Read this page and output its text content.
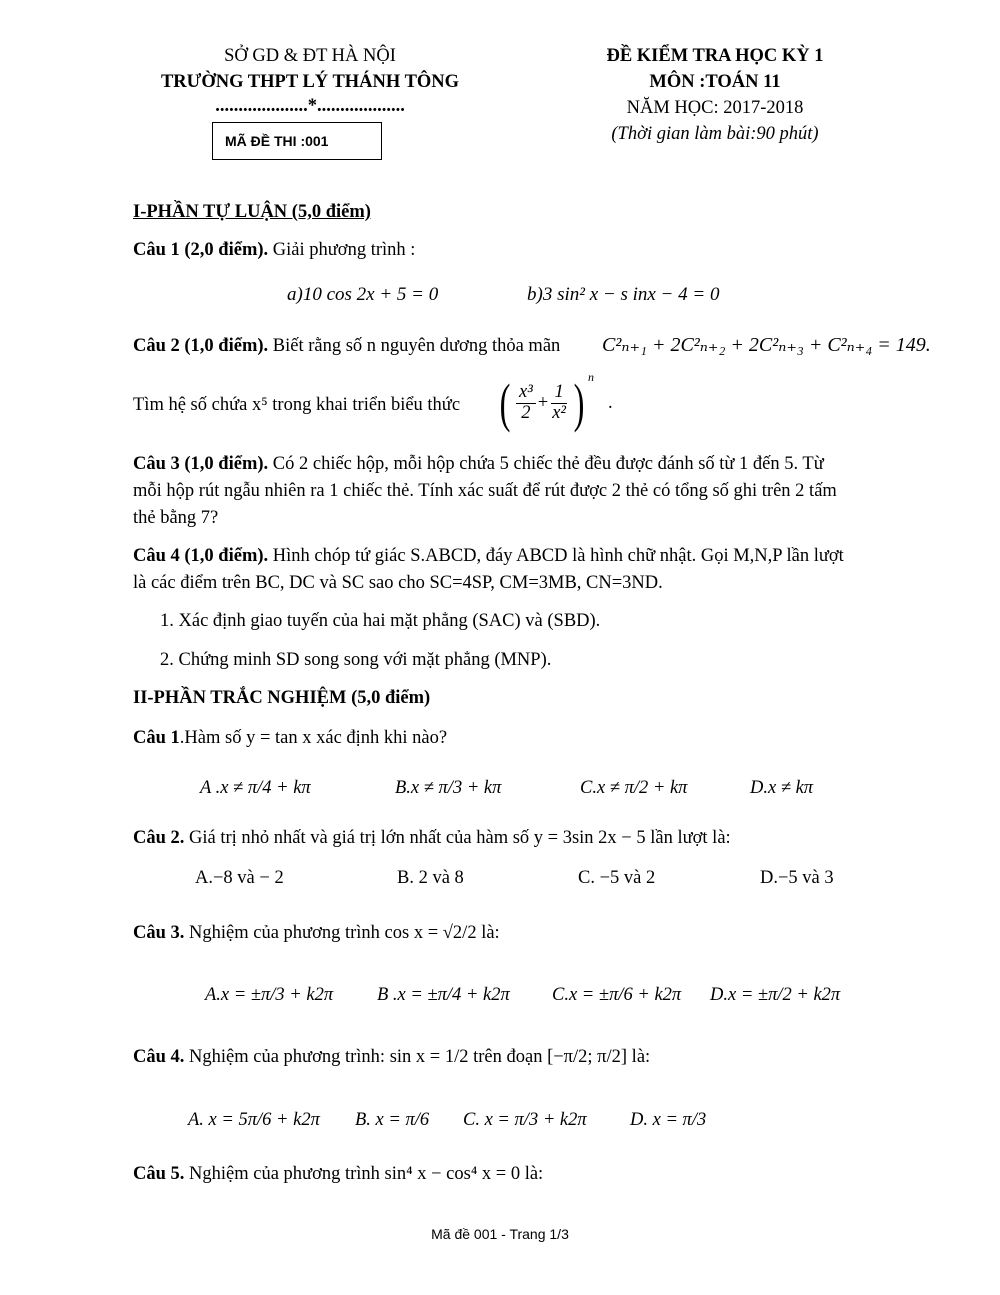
SỞ GD & ĐT HÀ NỘI
TRƯỜNG THPT LÝ THÁNH TÔNG
....................*...................
MÃ ĐỀ THI :001
ĐỀ KIỂM TRA HỌC KỲ 1
MÔN :TOÁN 11
NĂM HỌC: 2017-2018
(Thời gian làm bài:90 phút)
I-PHẦN TỰ LUẬN (5,0 điểm)
Câu 1 (2,0 điểm). Giải phương trình :
a)10 cos 2x + 5 = 0	b)3 sin² x − s inx − 4 = 0
Câu 2 (1,0 điểm). Biết rằng số n nguyên dương thỏa mãn C²ₙ₊₁ + 2C²ₙ₊₂ + 2C²ₙ₊₃ + C²ₙ₊₄ = 149.
Tìm hệ số chứa x⁵ trong khai triển biểu thức ( $\frac{\text{x³}}{2} + \frac{1}{\text{x²}}$ ) n
.
Câu 3 (1,0 điểm). Có 2 chiếc hộp, mỗi hộp chứa 5 chiếc thẻ đều được đánh số từ 1 đến 5. Từ
mỗi hộp rút ngẫu nhiên ra 1 chiếc thẻ. Tính xác suất để rút được 2 thẻ có tổng số ghi trên 2 tấm
thẻ bằng 7?
Câu 4 (1,0 điểm). Hình chóp tứ giác S.ABCD, đáy ABCD là hình chữ nhật. Gọi M,N,P lần lượt
là các điểm trên BC, DC và SC sao cho SC=4SP, CM=3MB, CN=3ND.
1. Xác định giao tuyến của hai mặt phẳng (SAC) và (SBD).
2. Chứng minh SD song song với mặt phẳng (MNP).
II-PHẦN TRẮC NGHIỆM (5,0 điểm)
Câu 1.Hàm số y = tan x xác định khi nào?
A .x ≠ π/4 + kπ	B.x ≠ π/3 + kπ	C.x ≠ π/2 + kπ	D.x ≠ kπ
Câu 2. Giá trị nhỏ nhất và giá trị lớn nhất của hàm số y = 3sin 2x − 5 lần lượt là:
A.−8 và − 2	B. 2 và 8	C. −5 và 2	D.−5 và 3
Câu 3. Nghiệm của phương trình cos x = √2/2 là:
A.x = ±π/3 + k2π B .x = ±π/4 + k2π C.x = ±π/6 + k2π D.x = ±π/2 + k2π
Câu 4. Nghiệm của phương trình: sin x = 1/2 trên đoạn [−π/2; π/2] là:
A. x = 5π/6 + k2π B. x = π/6 C. x = π/3 + k2π D. x = π/3
Câu 5. Nghiệm của phương trình sin⁴ x − cos⁴ x = 0 là:
Mã đề 001 - Trang 1/3
